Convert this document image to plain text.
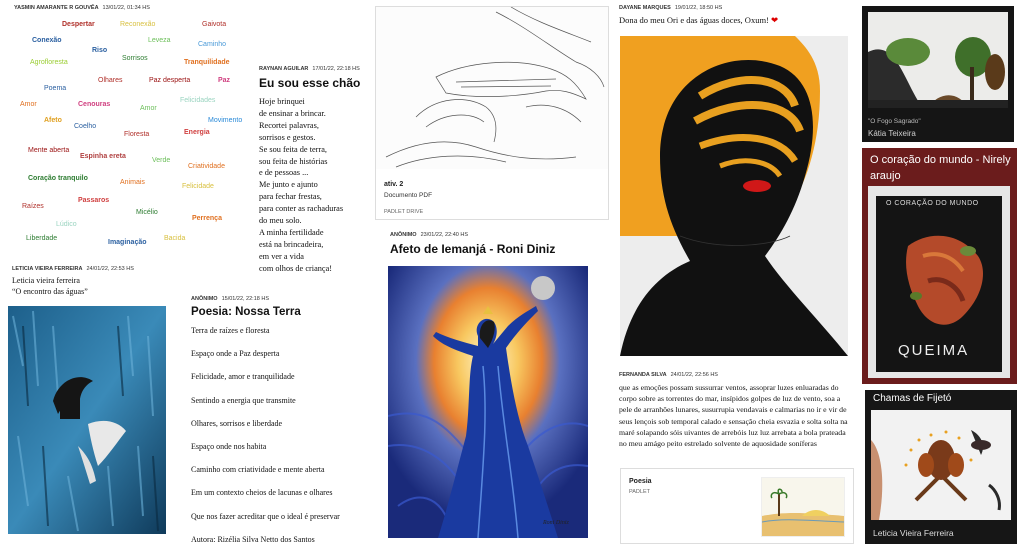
YASMIN AMARANTE R GOUVÊA 13/01/22, 01:34 HS
Despertar	Reconexão	Gaivota
Conexão	Leveza
Caminho
Riso
Agrofloresta
Sorrisos
Tranquilidade
Olhares	Paz desperta	Paz
Poema
Amor	Cenouras
Amor
Felicidades
Afeto
Coelho
Floresta	Energia
Movimento
Mente aberta
Espinha ereta
Verde
Criatividade
Coração tranquilo
Animais
Felicidade
Passaros
Raízes
Micélio
Perrença
Lúdico
Liberdade
Imaginação
Bacida
RAYNAN AGUILAR 17/01/22, 22:18 HS
Eu sou esse chão
Hoje brinquei
de ensinar a brincar.
Recortei palavras,
sorrisos e gestos.
Se sou feita de terra,
sou feita de histórias
e de pessoas ...
Me junto e ajunto
para fechar frestas,
para conter as rachaduras
do meu solo.
A minha fertilidade
está na brincadeira,
em ver a vida
com olhos de criança!
ativ. 2
Documento PDF
PADLET DRIVE
DAYANE MARQUES 19/01/22, 18:50 HS
Dona do meu Ori e das águas doces, Oxum! ❤
"O Fogo Sagrado"
Kátia Teixeira
O coração do mundo - Nirely araujo
O CORAÇÃO DO MUNDO
QUEIMA
Chamas de Fijetó
Leticia Vieira Ferreira
LETICIA VIEIRA FERREIRA 24/01/22, 22:53 HS
Leticia vieira ferreira
“O encontro das águas”
ANÔNIMO 15/01/22, 22:18 HS
Poesia: Nossa Terra
Terra de raízes e floresta
Espaço onde a Paz desperta
Felicidade, amor e tranquilidade
Sentindo a energia que transmite
Olhares, sorrisos e liberdade
Espaço onde nos habita
Caminho com criatividade e mente aberta
Em um contexto cheios de lacunas e olhares
Que nos fazer acreditar que o ideal é preservar
Autora: Rizélia Silva Netto dos Santos
ANÔNIMO 23/01/22, 22:40 HS
Afeto de Iemanjá - Roni Diniz
Roni Diniz
FERNANDA SILVA 24/01/22, 22:56 HS
que as emoções possam sussurrar ventos, assoprar luzes enluaradas do corpo sobre as torrentes do mar, insípidos golpes de luz de vento, soa a pele de arranhões lunares, susurrupia vendavais e calmarias no ir e vir de seus lençois sob temporal calado e sensação cheia esvazia e solta solta na maré solapando sóis uivantes de arrebóis luz luz arrebata a bola prateada no meu amágo peito estrelado solvente de aquosidade soníferas
Poesia
PADLET
